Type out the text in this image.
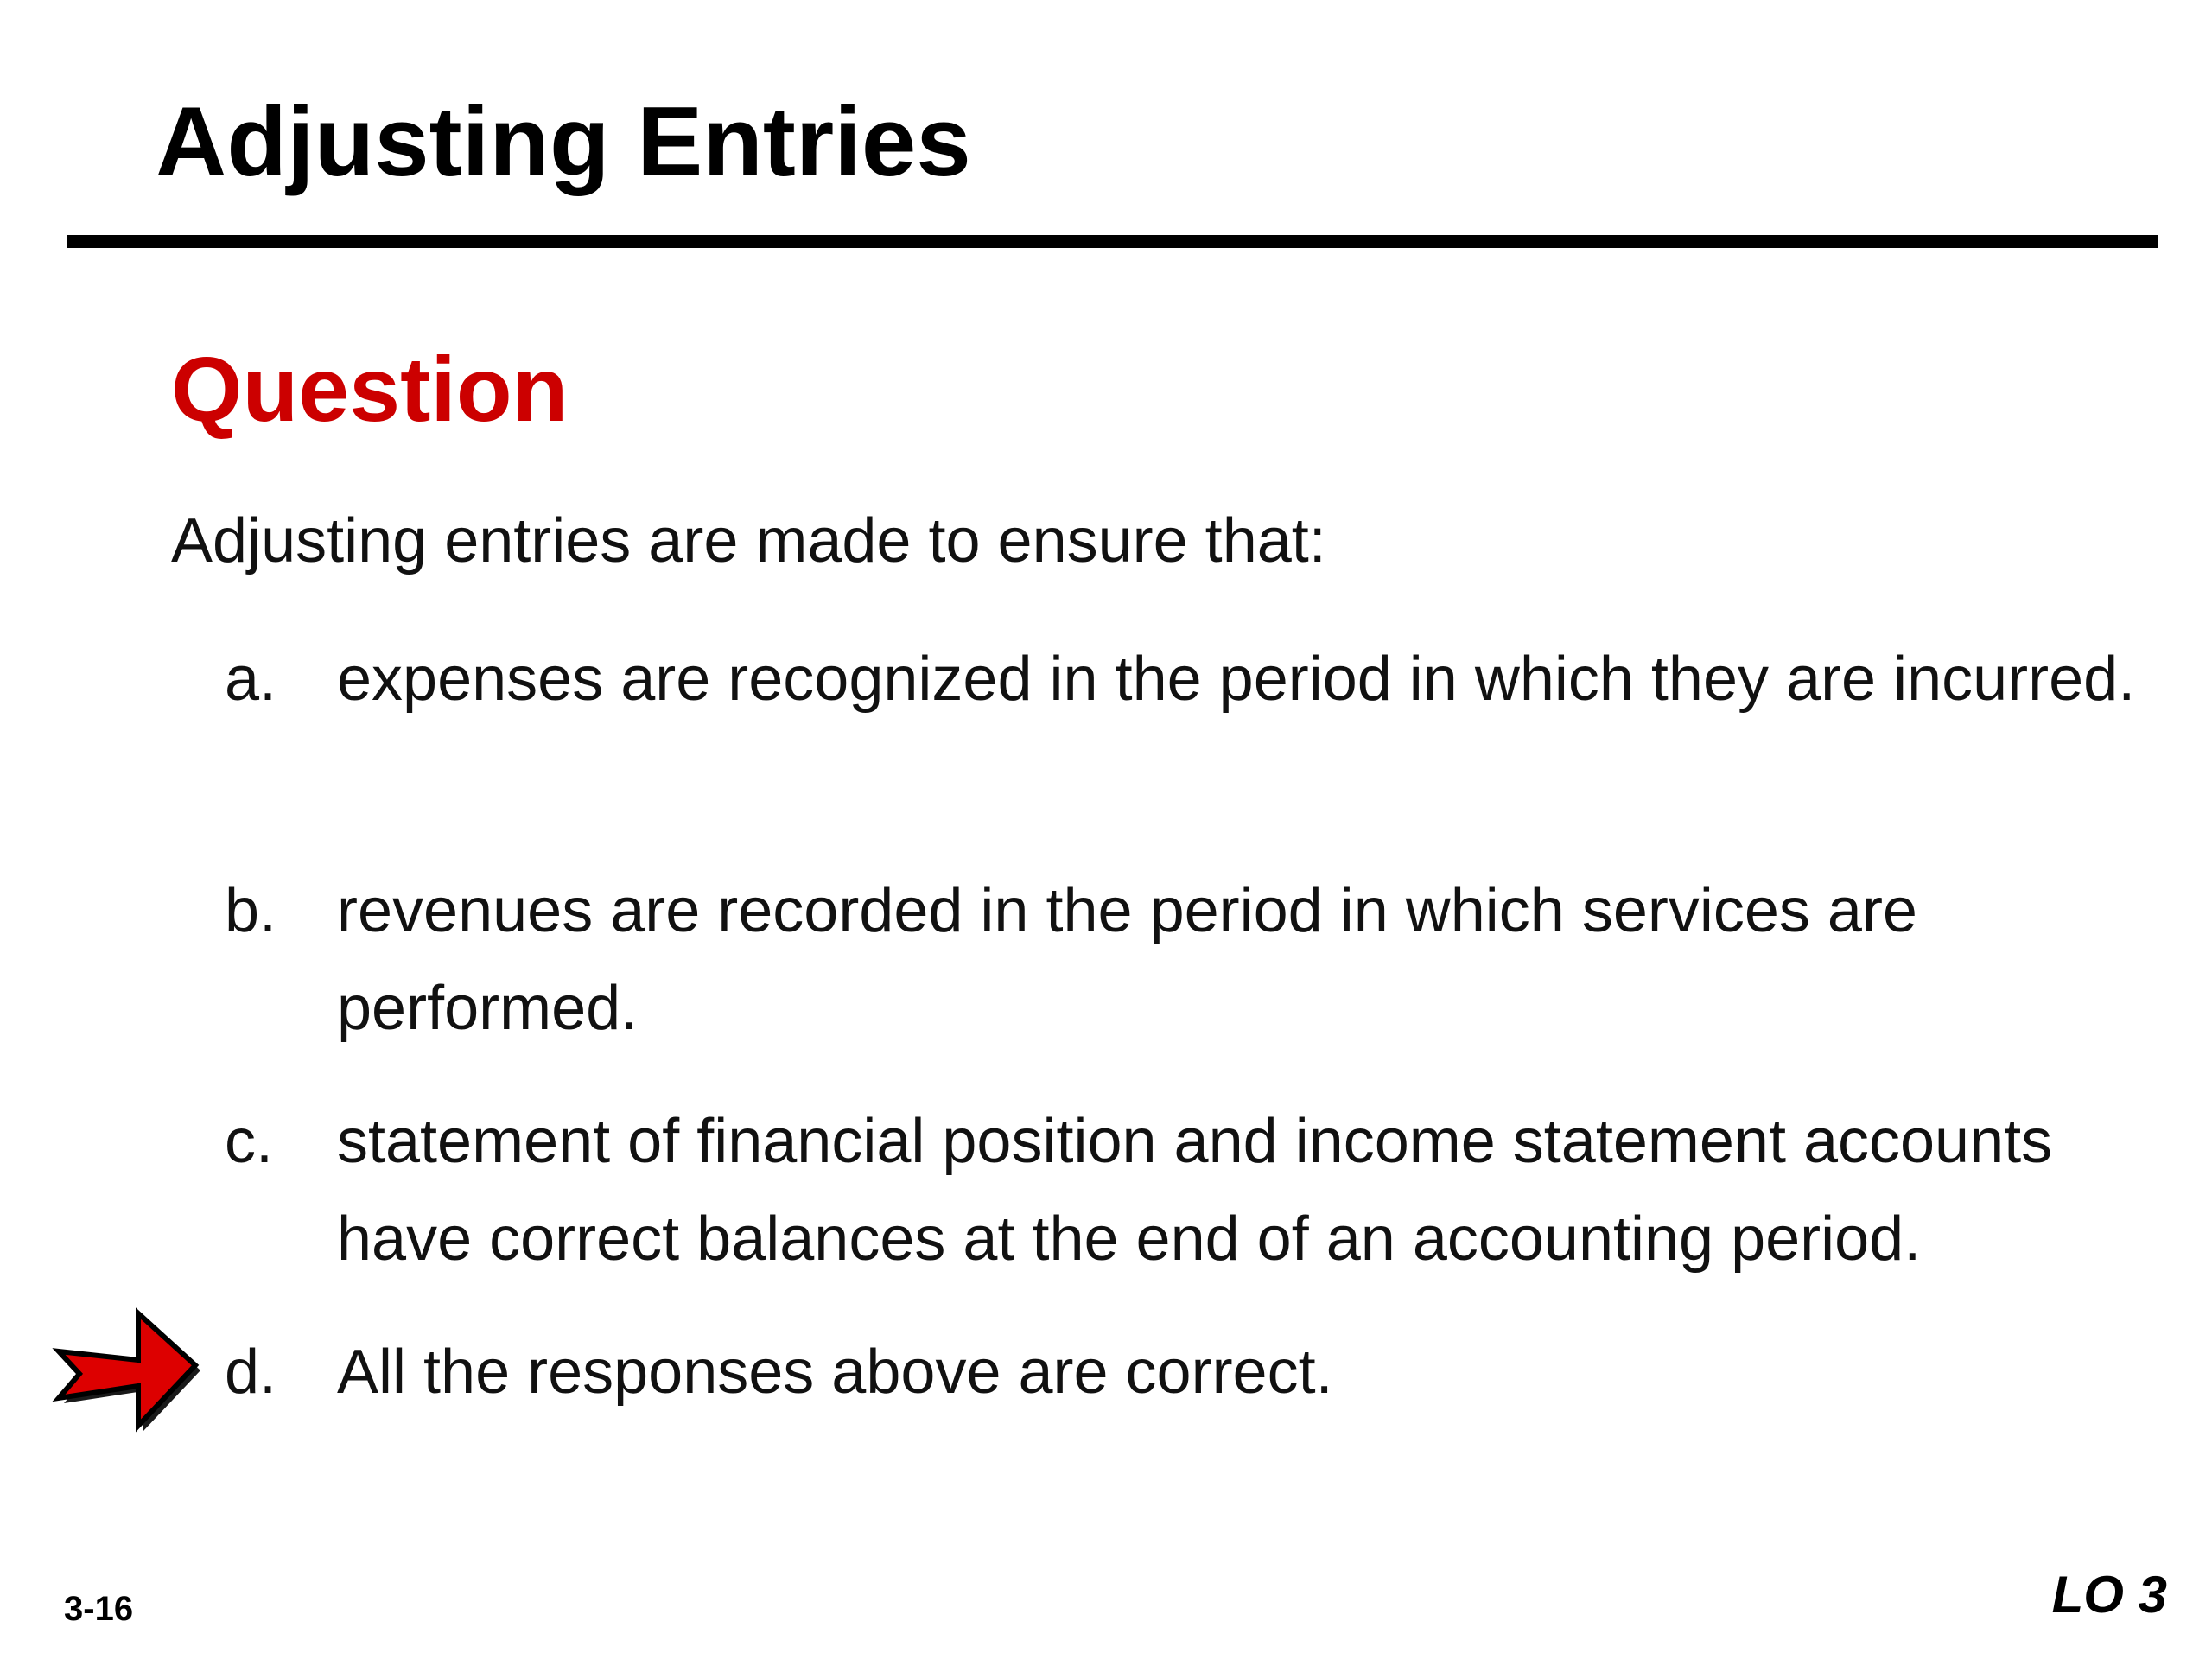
Adjusting Entries
Question
Adjusting entries are made to ensure that:
a. expenses are recognized in the period in which they are incurred.
b. revenues are recorded in the period in which services are performed.
c.	statement of financial position and income statement accounts have correct balances at the end of an accounting period.
d. All the responses above are correct.
3-16	LO 3
